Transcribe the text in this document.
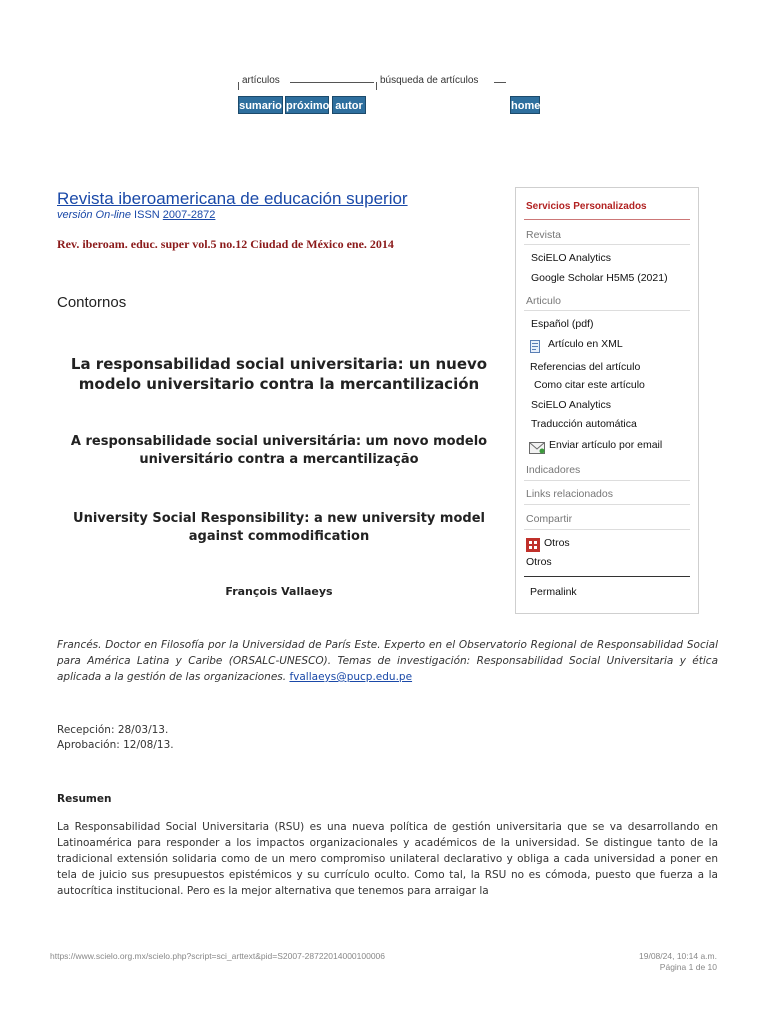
artículos	búsqueda de artículos
sumario próximo autor	home
Revista iberoamericana de educación superior
versión On-line ISSN 2007-2872
Rev. iberoam. educ. super vol.5 no.12 Ciudad de México ene. 2014
Contornos
La responsabilidad social universitaria: un nuevo modelo universitario contra la mercantilización
A responsabilidade social universitária: um novo modelo universitário contra a mercantilização
University Social Responsibility: a new university model against commodification
François Vallaeys
Francés. Doctor en Filosofía por la Universidad de París Este. Experto en el Observatorio Regional de Responsabilidad Social para América Latina y Caribe (ORSALC-UNESCO). Temas de investigación: Responsabilidad Social Universitaria y ética aplicada a la gestión de las organizaciones. fvallaeys@pucp.edu.pe
Recepción: 28/03/13.
Aprobación: 12/08/13.
Resumen
La Responsabilidad Social Universitaria (RSU) es una nueva política de gestión universitaria que se va desarrollando en Latinoamérica para responder a los impactos organizacionales y académicos de la universidad. Se distingue tanto de la tradicional extensión solidaria como de un mero compromiso unilateral declarativo y obliga a cada universidad a poner en tela de juicio sus presupuestos epistémicos y su currículo oculto. Como tal, la RSU no es cómoda, puesto que fuerza a la autocrítica institucional. Pero es la mejor alternativa que tenemos para arraigar la
Servicios Personalizados
Revista
SciELO Analytics
Google Scholar H5M5 (2021)
Articulo
Español (pdf)
Artículo en XML
Referencias del artículo
Como citar este artículo
SciELO Analytics
Traducción automática
Enviar artículo por email
Indicadores
Links relacionados
Compartir
Otros
Otros
Permalink
https://www.scielo.org.mx/scielo.php?script=sci_arttext&pid=S2007-28722014000100006	19/08/24, 10:14 a.m.
Página 1 de 10
